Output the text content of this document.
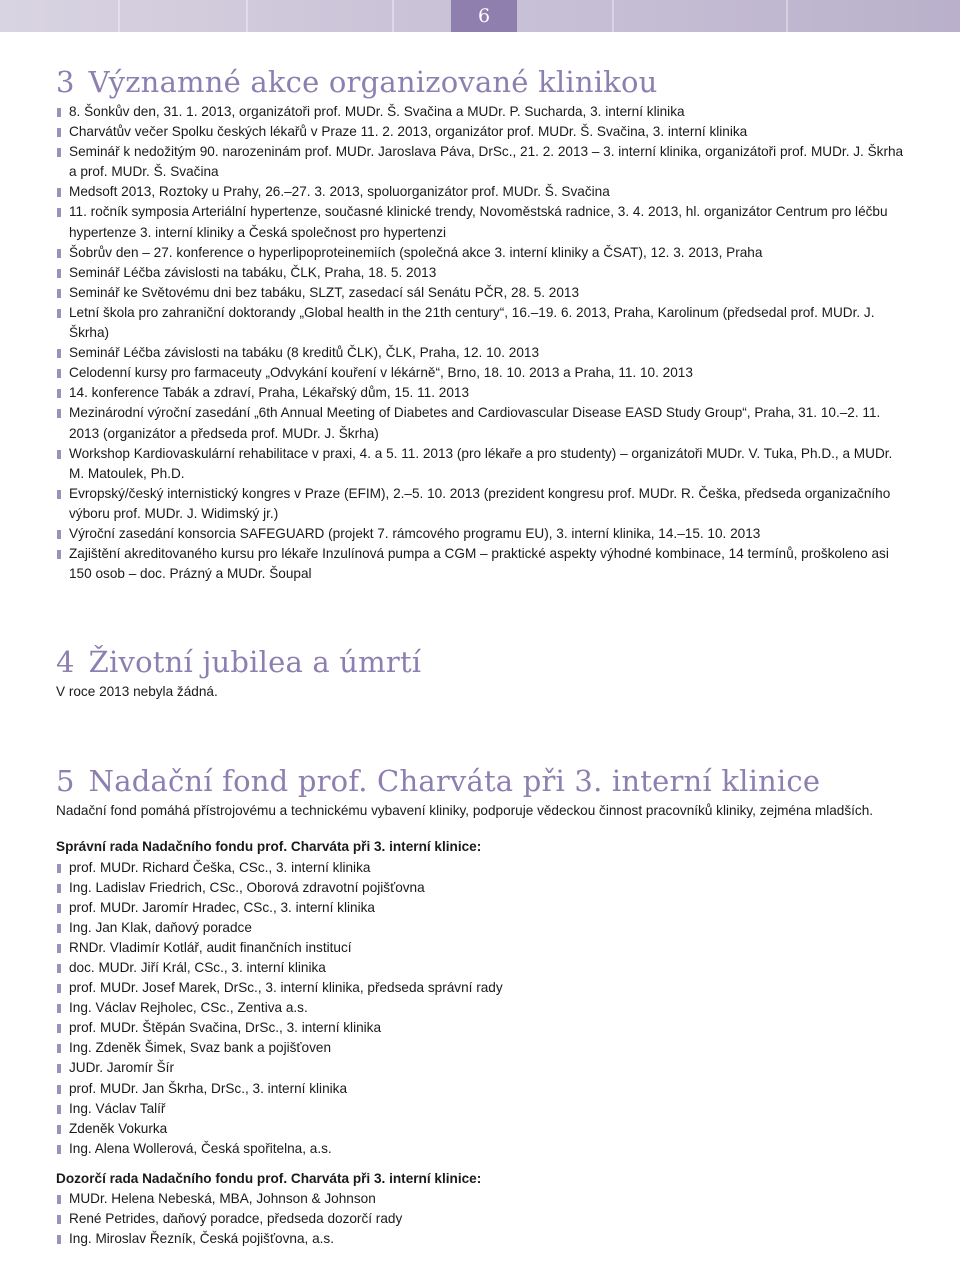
6
3 Významné akce organizované klinikou
8. Šonkův den, 31. 1. 2013, organizátoři prof. MUDr. Š. Svačina a MUDr. P. Sucharda, 3. interní klinika
Charvátův večer Spolku českých lékařů v Praze 11. 2. 2013, organizátor prof. MUDr. Š. Svačina, 3. interní klinika
Seminář k nedožitým 90. narozeninám prof. MUDr. Jaroslava Páva, DrSc., 21. 2. 2013 – 3. interní klinika, organizátoři prof. MUDr. J. Škrha a prof. MUDr. Š. Svačina
Medsoft 2013, Roztoky u Prahy, 26.–27. 3. 2013, spoluorganizátor prof. MUDr. Š. Svačina
11. ročník symposia Arteriální hypertenze, současné klinické trendy, Novoměstská radnice, 3. 4. 2013, hl. organizátor Centrum pro léčbu hypertenze 3. interní kliniky a Česká společnost pro hypertenzi
Šobrův den – 27. konference o hyperlipoproteinemiích (společná akce 3. interní kliniky a ČSAT), 12. 3. 2013, Praha
Seminář Léčba závislosti na tabáku, ČLK, Praha, 18. 5. 2013
Seminář ke Světovému dni bez tabáku, SLZT, zasedací sál Senátu PČR, 28. 5. 2013
Letní škola pro zahraniční doktorandy „Global health in the 21th century“, 16.–19. 6. 2013, Praha, Karolinum (předsedal prof. MUDr. J. Škrha)
Seminář Léčba závislosti na tabáku (8 kreditů ČLK), ČLK, Praha, 12. 10. 2013
Celodenní kursy pro farmaceuty „Odvykání kouření v lékárně“, Brno, 18. 10. 2013 a Praha, 11. 10. 2013
14. konference Tabák a zdraví, Praha, Lékařský dům, 15. 11. 2013
Mezinárodní výroční zasedání „6th Annual Meeting of Diabetes and Cardiovascular Disease EASD Study Group“, Praha, 31. 10.–2. 11. 2013 (organizátor a předseda prof. MUDr. J. Škrha)
Workshop Kardiovaskulární rehabilitace v praxi, 4. a 5. 11. 2013 (pro lékaře a pro studenty) – organizátoři MUDr. V. Tuka, Ph.D., a MUDr. M. Matoulek, Ph.D.
Evropský/český internistický kongres v Praze (EFIM), 2.–5. 10. 2013 (prezident kongresu prof. MUDr. R. Češka, předseda organizačního výboru prof. MUDr. J. Widimský jr.)
Výroční zasedání konsorcia SAFEGUARD (projekt 7. rámcového programu EU), 3. interní klinika, 14.–15. 10. 2013
Zajištění akreditovaného kursu pro lékaře Inzulínová pumpa a CGM – praktické aspekty výhodné kombinace, 14 termínů, proškoleno asi 150 osob – doc. Prázný a MUDr. Šoupal
4 Životní jubilea a úmrtí

V roce 2013 nebyla žádná.

5 Nadační fond prof. Charváta při 3. interní klinice

Nadační fond pomáhá přístrojovému a technickému vybavení kliniky, podporuje vědeckou činnost pracovníků kliniky, zejména mladších.

Správní rada Nadačního fondu prof. Charváta při 3. interní klinice:
prof. MUDr. Richard Češka, CSc., 3. interní klinika
Ing. Ladislav Friedrich, CSc., Oborová zdravotní pojišťovna
prof. MUDr. Jaromír Hradec, CSc., 3. interní klinika
Ing. Jan Klak, daňový poradce
RNDr. Vladimír Kotlář, audit finančních institucí
doc. MUDr. Jiří Král, CSc., 3. interní klinika
prof. MUDr. Josef Marek, DrSc., 3. interní klinika, předseda správní rady
Ing. Václav Rejholec, CSc., Zentiva a.s.
prof. MUDr. Štěpán Svačina, DrSc., 3. interní klinika
Ing. Zdeněk Šimek, Svaz bank a pojišťoven
JUDr. Jaromír Šír
prof. MUDr. Jan Škrha, DrSc., 3. interní klinika
Ing. Václav Talíř
Zdeněk Vokurka
Ing. Alena Wollerová, Česká spořitelna, a.s.
Dozorčí rada Nadačního fondu prof. Charváta při 3. interní klinice:
MUDr. Helena Nebeská, MBA, Johnson & Johnson
René Petrides, daňový poradce, předseda dozorčí rady
Ing. Miroslav Řezník, Česká pojišťovna, a.s.
